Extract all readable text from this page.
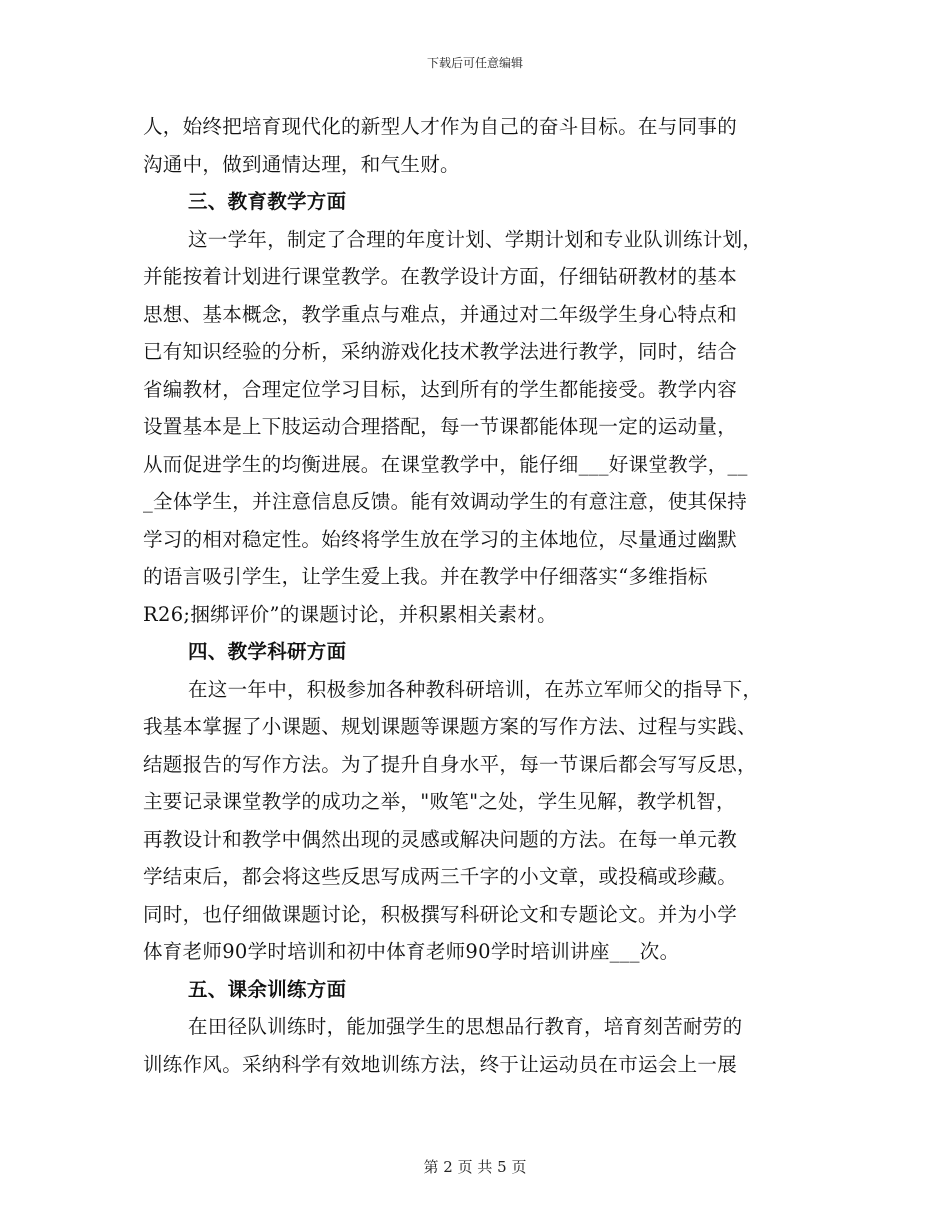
下载后可任意编辑
人，始终把培育现代化的新型人才作为自己的奋斗目标。在与同事的
沟通中，做到通情达理，和气生财。
三、教育教学方面
这一学年，制定了合理的年度计划、学期计划和专业队训练计划，
并能按着计划进行课堂教学。在教学设计方面，仔细钻研教材的基本
思想、基本概念，教学重点与难点，并通过对二年级学生身心特点和
已有知识经验的分析，采纳游戏化技术教学法进行教学，同时，结合
省编教材，合理定位学习目标，达到所有的学生都能接受。教学内容
设置基本是上下肢运动合理搭配，每一节课都能体现一定的运动量，
从而促进学生的均衡进展。在课堂教学中，能仔细___好课堂教学，__
_全体学生，并注意信息反馈。能有效调动学生的有意注意，使其保持
学习的相对稳定性。始终将学生放在学习的主体地位，尽量通过幽默
的语言吸引学生，让学生爱上我。并在教学中仔细落实“多维指标
R26;捆绑评价”的课题讨论，并积累相关素材。
四、教学科研方面
在这一年中，积极参加各种教科研培训，在苏立军师父的指导下，
我基本掌握了小课题、规划课题等课题方案的写作方法、过程与实践、
结题报告的写作方法。为了提升自身水平，每一节课后都会写写反思，
主要记录课堂教学的成功之举，"败笔"之处，学生见解，教学机智，
再教设计和教学中偶然出现的灵感或解决问题的方法。在每一单元教
学结束后，都会将这些反思写成两三千字的小文章，或投稿或珍藏。
同时，也仔细做课题讨论，积极撰写科研论文和专题论文。并为小学
体育老师90学时培训和初中体育老师90学时培训讲座___次。
五、课余训练方面
在田径队训练时，能加强学生的思想品行教育，培育刻苦耐劳的
训练作风。采纳科学有效地训练方法，终于让运动员在市运会上一展
第 2 页 共 5 页
